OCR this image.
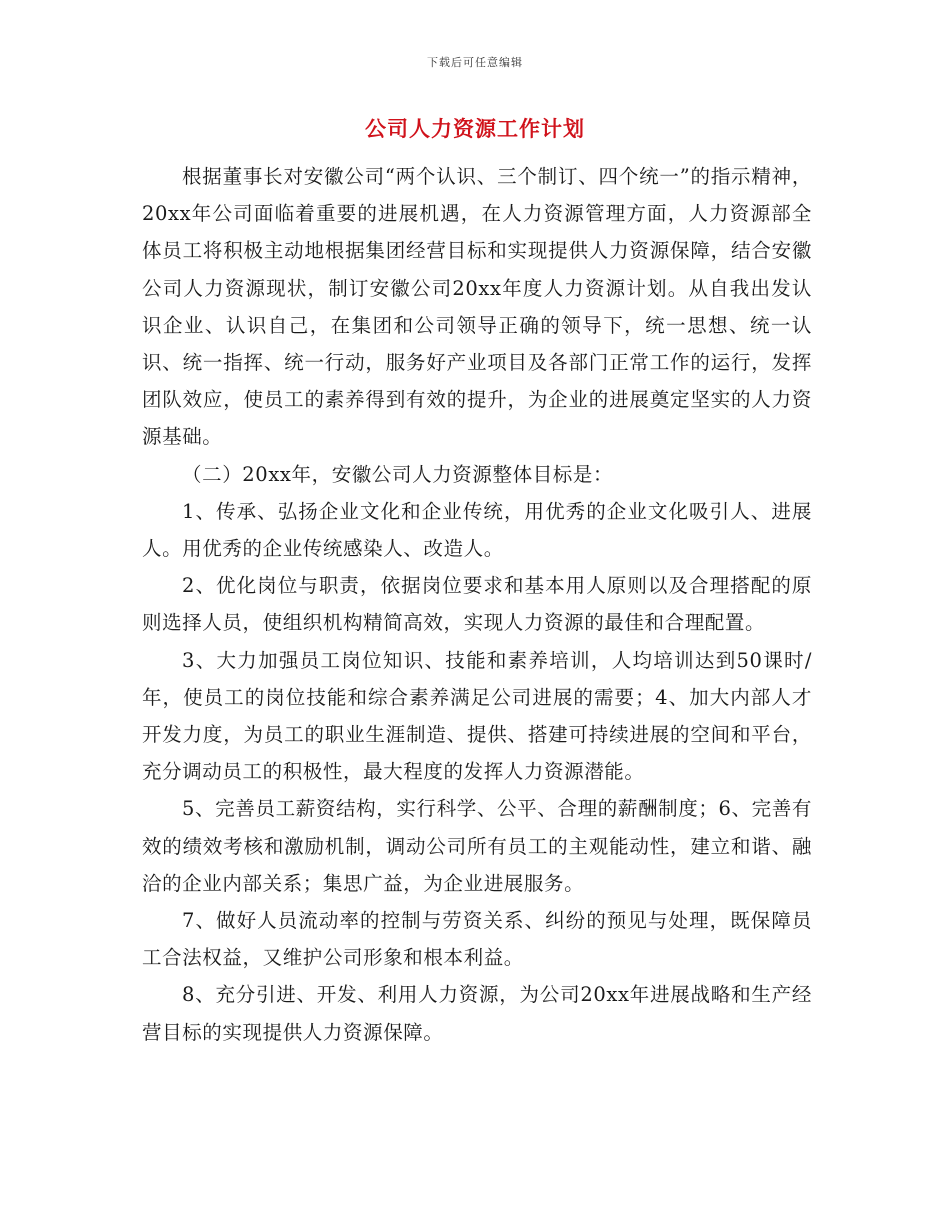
下载后可任意编辑
公司人力资源工作计划

根据董事长对安徽公司“两个认识、三个制订、四个统一”的指示精神，20xx年公司面临着重要的进展机遇，在人力资源管理方面，人力资源部全体员工将积极主动地根据集团经营目标和实现提供人力资源保障，结合安徽公司人力资源现状，制订安徽公司20xx年度人力资源计划。从自我出发认识企业、认识自己，在集团和公司领导正确的领导下，统一思想、统一认识、统一指挥、统一行动，服务好产业项目及各部门正常工作的运行，发挥团队效应，使员工的素养得到有效的提升，为企业的进展奠定坚实的人力资源基础。

（二）20xx年，安徽公司人力资源整体目标是：

1、传承、弘扬企业文化和企业传统，用优秀的企业文化吸引人、进展人。用优秀的企业传统感染人、改造人。

2、优化岗位与职责，依据岗位要求和基本用人原则以及合理搭配的原则选择人员，使组织机构精简高效，实现人力资源的最佳和合理配置。

3、大力加强员工岗位知识、技能和素养培训，人均培训达到50课时/年，使员工的岗位技能和综合素养满足公司进展的需要；4、加大内部人才开发力度，为员工的职业生涯制造、提供、搭建可持续进展的空间和平台，充分调动员工的积极性，最大程度的发挥人力资源潜能。

5、完善员工薪资结构，实行科学、公平、合理的薪酬制度；6、完善有效的绩效考核和激励机制，调动公司所有员工的主观能动性，建立和谐、融洽的企业内部关系；集思广益，为企业进展服务。

7、做好人员流动率的控制与劳资关系、纠纷的预见与处理，既保障员工合法权益，又维护公司形象和根本利益。

8、充分引进、开发、利用人力资源，为公司20xx年进展战略和生产经营目标的实现提供人力资源保障。
